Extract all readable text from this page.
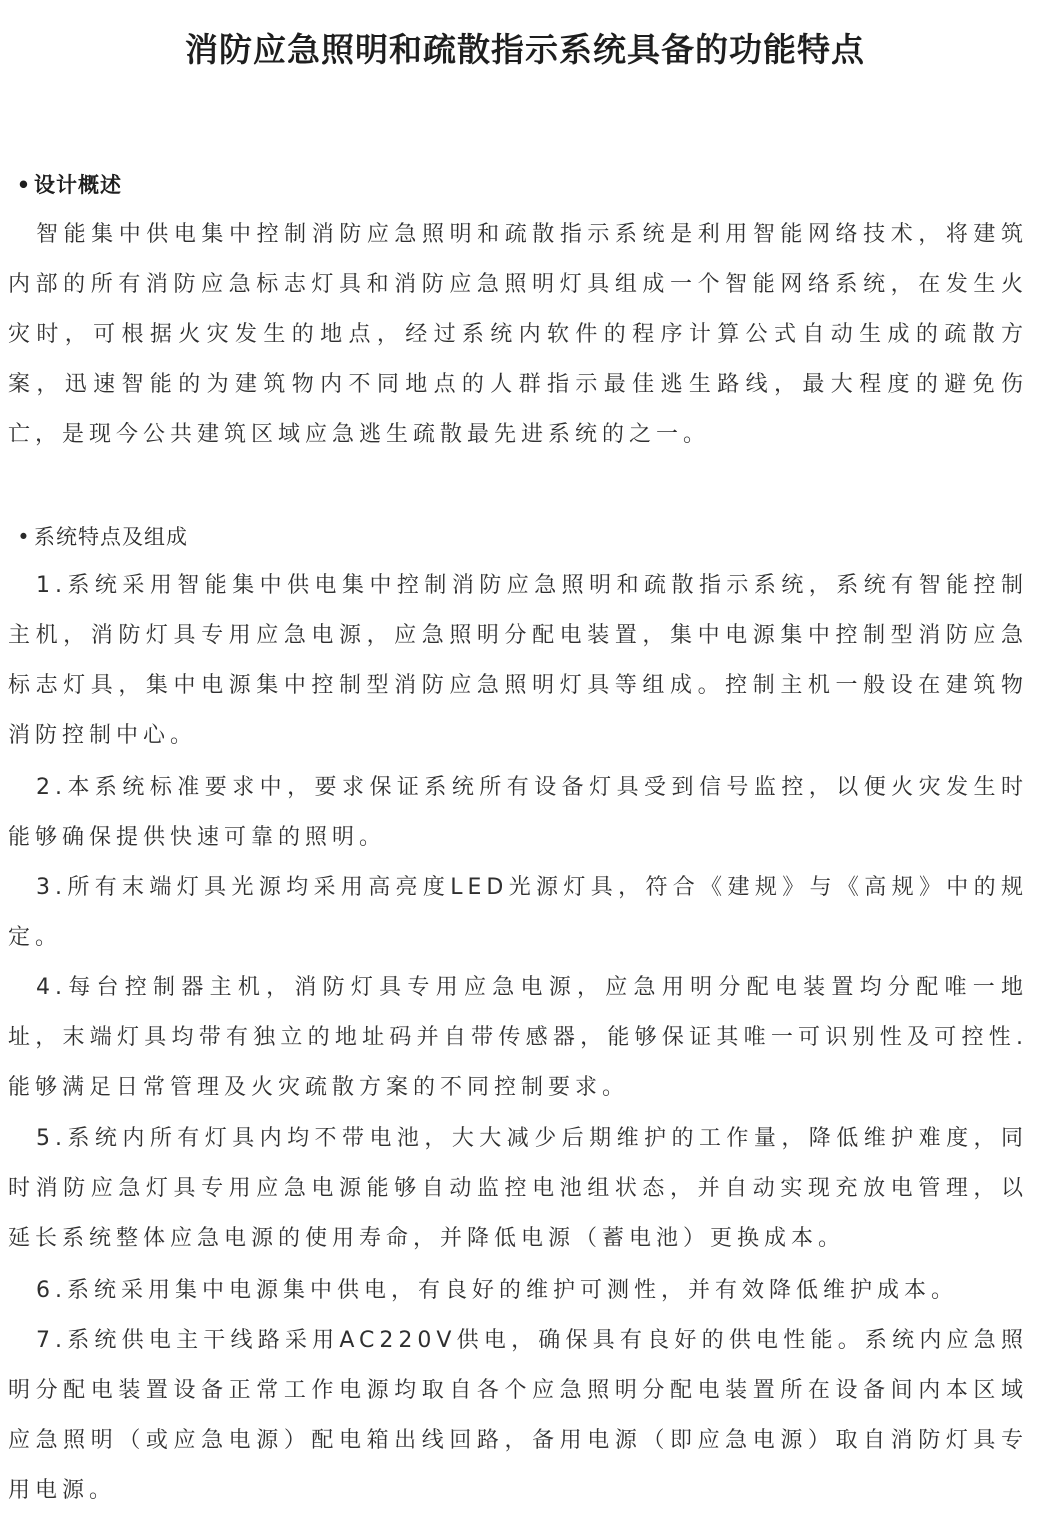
消防应急照明和疏散指示系统具备的功能特点
• 设计概述

智能集中供电集中控制消防应急照明和疏散指示系统是利用智能网络技术，将建筑内部的所有消防应急标志灯具和消防应急照明灯具组成一个智能网络系统，在发生火灾时，可根据火灾发生的地点，经过系统内软件的程序计算公式自动生成的疏散方案，迅速智能的为建筑物内不同地点的人群指示最佳逃生路线，最大程度的避免伤亡，是现今公共建筑区域应急逃生疏散最先进系统的之一。

• 系统特点及组成

1.系统采用智能集中供电集中控制消防应急照明和疏散指示系统，系统有智能控制主机，消防灯具专用应急电源，应急照明分配电装置，集中电源集中控制型消防应急标志灯具，集中电源集中控制型消防应急照明灯具等组成。控制主机一般设在建筑物消防控制中心。

2.本系统标准要求中，要求保证系统所有设备灯具受到信号监控，以便火灾发生时能够确保提供快速可靠的照明。

3.所有末端灯具光源均采用高亮度LED光源灯具，符合《建规》与《高规》中的规定。

4.每台控制器主机，消防灯具专用应急电源，应急用明分配电装置均分配唯一地址，末端灯具均带有独立的地址码并自带传感器，能够保证其唯一可识别性及可控性. 能够满足日常管理及火灾疏散方案的不同控制要求。

5.系统内所有灯具内均不带电池，大大减少后期维护的工作量，降低维护难度，同时消防应急灯具专用应急电源能够自动监控电池组状态，并自动实现充放电管理，以延长系统整体应急电源的使用寿命，并降低电源（蓄电池）更换成本。

6.系统采用集中电源集中供电，有良好的维护可测性，并有效降低维护成本。

7.系统供电主干线路采用AC220V供电，确保具有良好的供电性能。系统内应急照明分配电装置设备正常工作电源均取自各个应急照明分配电装置所在设备间内本区域应急照明（或应急电源）配电箱出线回路，备用电源（即应急电源）取自消防灯具专用电源。
